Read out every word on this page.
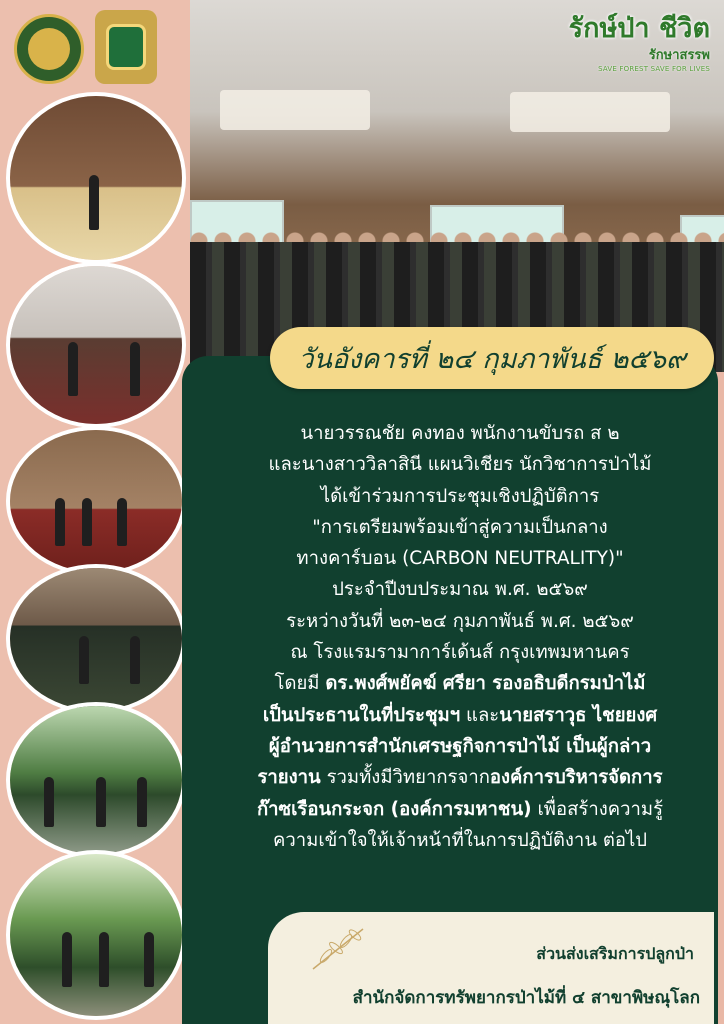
รักษ์ป่า ชีวิต
รักษาสรรพ
SAVE FOREST SAVE FOR LIVES
วันอังคารที่ ๒๔ กุมภาพันธ์ ๒๕๖๙
นายวรรณชัย คงทอง พนักงานขับรถ ส ๒
และนางสาววิลาสินี แผนวิเชียร นักวิชาการป่าไม้
ได้เข้าร่วมการประชุมเชิงปฏิบัติการ
"การเตรียมพร้อมเข้าสู่ความเป็นกลาง
ทางคาร์บอน (CARBON NEUTRALITY)"
ประจำปีงบประมาณ พ.ศ. ๒๕๖๙
ระหว่างวันที่ ๒๓-๒๔ กุมภาพันธ์ พ.ศ. ๒๕๖๙
ณ โรงแรมรามาการ์เด้นส์ กรุงเทพมหานคร
โดยมี ดร.พงศ์พยัคฆ์ ศรียา รองอธิบดีกรมป่าไม้
เป็นประธานในที่ประชุมฯ และนายสราวุธ ไชยยงศ
ผู้อำนวยการสำนักเศรษฐกิจการป่าไม้ เป็นผู้กล่าว
รายงาน รวมทั้งมีวิทยากรจากองค์การบริหารจัดการ
ก๊าซเรือนกระจก (องค์การมหาชน) เพื่อสร้างความรู้
ความเข้าใจให้เจ้าหน้าที่ในการปฏิบัติงาน ต่อไป
ส่วนส่งเสริมการปลูกป่า
สำนักจัดการทรัพยากรป่าไม้ที่ ๔ สาขาพิษณุโลก
